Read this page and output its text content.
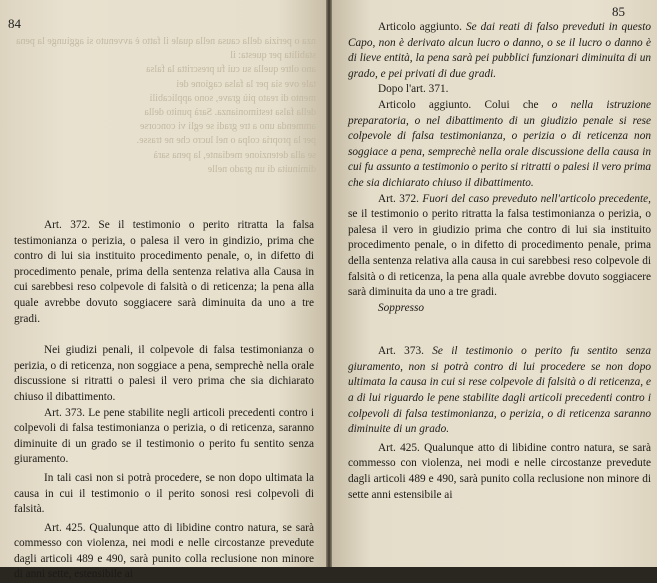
84

nza o perizia della causa nella quale il fatto è avvenuto si aggiunge la pena stabilita per questa: il

ano oltre quella su cui fu prescritta la falsa

tale ove sia per la falsa cagione dei

mento di reato più grave, sono applicabili

della falsa testimonianza. Sarà punito della

ammenda uno a tre gradi se egli vi concorse

per la propria colpa o nel lucro che ne trasse.

se alla detenzione mediante, la pena sarà

diminuita di un grado nelle

Art. 372. Se il testimonio o perito ritratta la falsa testimonianza o perizia, o palesa il vero in gindizio, prima che contro di lui sia instituito procedimento penale, o, in difetto di procedimento penale, prima della sentenza relativa alla Causa in cui sarebbesi reso colpevole di falsità o di reticenza; la pena alla quale avrebbe dovuto soggiacere sarà diminuita da uno a tre gradi.

Nei giudizi penali, il colpevole di falsa testimonianza o perizia, o di reticenza, non soggiace a pena, semprechè nella orale discussione si ritratti o palesi il vero prima che sia dichiarato chiuso il dibattimento.

Art. 373. Le pene stabilite negli articoli precedenti contro i colpevoli di falsa testimonianza o perizia, o di reticenza, saranno diminuite di un grado se il testimonio o perito fu sentito senza giuramento.

In tali casi non si potrà procedere, se non dopo ultimata la causa in cui il testimonio o il perito sonosi resi colpevoli di falsità.

Art. 425. Qualunque atto di libidine contro natura, se sarà commesso con violenza, nei modi e nelle circostanze prevedute dagli articoli 489 e 490, sarà punito colla reclusione non minore di anni sette, estensibile ai

85

Articolo aggiunto. Se dai reati di falso preveduti in questo Capo, non è derivato alcun lucro o danno, o se il lucro o danno è di lieve entità, la pena sarà pei pubblici funzionari diminuita di un grado, e pei privati di due gradi.

Dopo l'art. 371.

Articolo aggiunto. Colui che o nella istruzione preparatoria, o nel dibattimento di un giudizio penale si rese colpevole di falsa testimonianza, o perizia o di reticenza non soggiace a pena, semprechè nella orale discussione della causa in cui fu assunto a testimonio o perito si ritratti o palesi il vero prima che sia dichiarato chiuso il dibattimento.

Art. 372. Fuori del caso preveduto nell'articolo precedente, se il testimonio o perito ritratta la falsa testimonianza o perizia, o palesa il vero in giudizio prima che contro di lui sia instituito procedimento penale, o in difetto di procedimento penale, prima della sentenza relativa alla causa in cui sarebbesi reso colpevole di falsità o di reticenza, la pena alla quale avrebbe dovuto soggiacere sarà diminuita da uno a tre gradi.

Soppresso

Art. 373. Se il testimonio o perito fu sentito senza giuramento, non si potrà contro di lui procedere se non dopo ultimata la causa in cui si rese colpevole di falsità o di reticenza, e a di lui riguardo le pene stabilite dagli articoli precedenti contro i colpevoli di falsa testimonianza, o perizia, o di reticenza saranno diminuite di un grado.

Art. 425. Qualunque atto di libidine contro natura, se sarà commesso con violenza, nei modi e nelle circostanze prevedute dagli articoli 489 e 490, sarà punito colla reclusione non minore di sette anni estensibile ai
